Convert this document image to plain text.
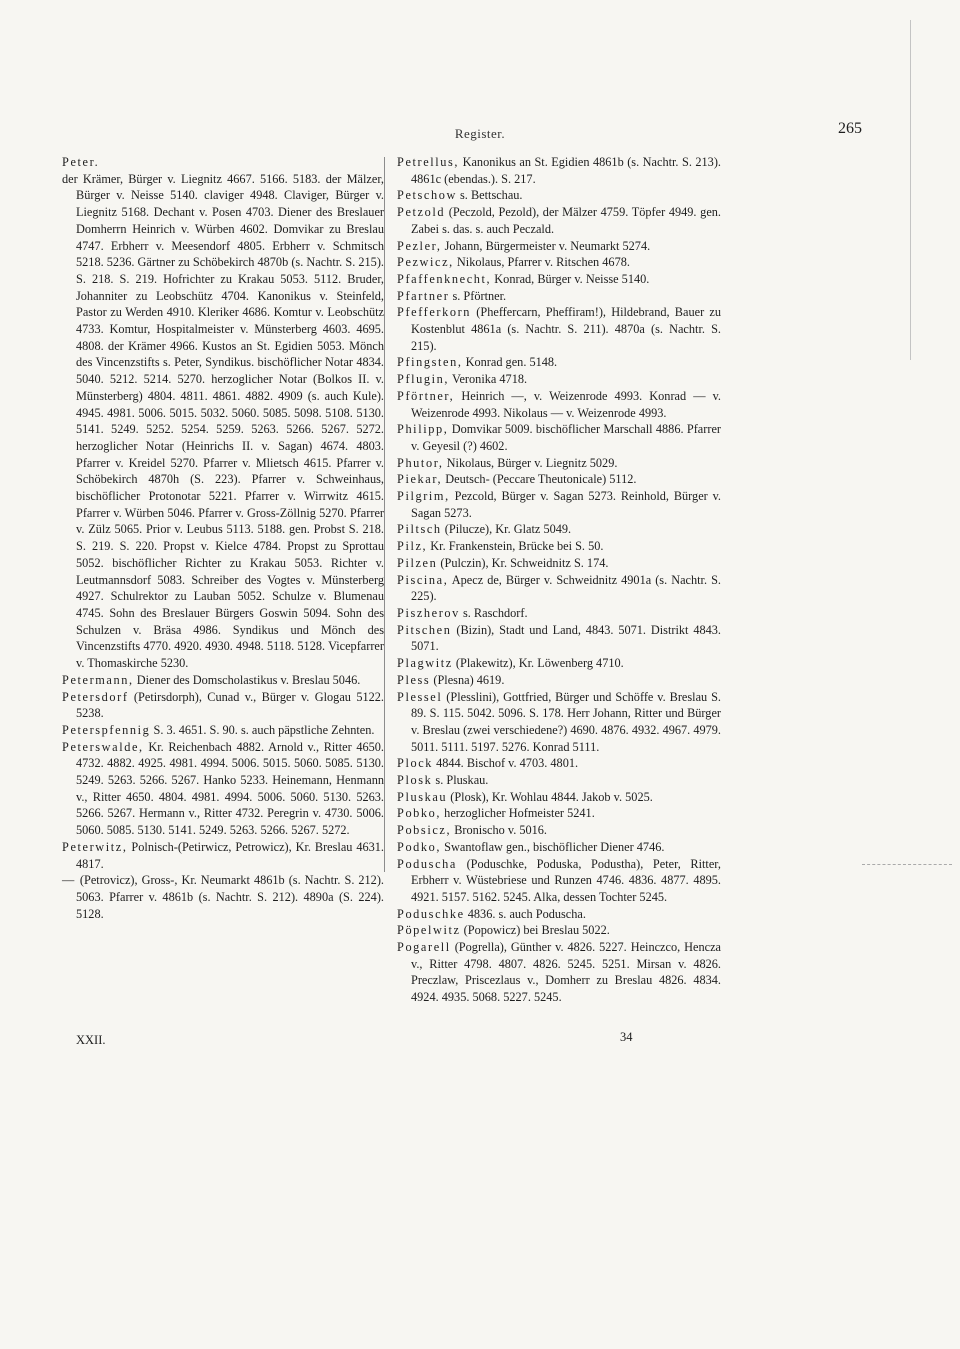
Register.	265

Peter.

der Krämer, Bürger v. Liegnitz 4667. 5166. 5183. der Mälzer, Bürger v. Neisse 5140. claviger 4948. Claviger, Bürger v. Liegnitz 5168. Dechant v. Posen 4703. Diener des Breslauer Domherrn Heinrich v. Würben 4602. Domvikar zu Breslau 4747. Erbherr v. Meesendorf 4805. Erbherr v. Schmitsch 5218. 5236. Gärtner zu Schöbekirch 4870b (s. Nachtr. S. 215). S. 218. S. 219. Hofrichter zu Krakau 5053. 5112. Bruder, Johanniter zu Leobschütz 4704. Kanonikus v. Steinfeld, Pastor zu Werden 4910. Kleriker 4686. Komtur v. Leobschütz 4733. Komtur, Hospitalmeister v. Münsterberg 4603. 4695. 4808. der Krämer 4966. Kustos an St. Egidien 5053. Mönch des Vincenzstifts s. Peter, Syndikus. bischöflicher Notar 4834. 5040. 5212. 5214. 5270. herzoglicher Notar (Bolkos II. v. Münsterberg) 4804. 4811. 4861. 4882. 4909 (s. auch Kule). 4945. 4981. 5006. 5015. 5032. 5060. 5085. 5098. 5108. 5130. 5141. 5249. 5252. 5254. 5259. 5263. 5266. 5267. 5272. herzoglicher Notar (Heinrichs II. v. Sagan) 4674. 4803. Pfarrer v. Kreidel 5270. Pfarrer v. Mlietsch 4615. Pfarrer v. Schöbekirch 4870h (S. 223). Pfarrer v. Schweinhaus, bischöflicher Protonotar 5221. Pfarrer v. Wirrwitz 4615. Pfarrer v. Würben 5046. Pfarrer v. Gross-Zöllnig 5270. Pfarrer v. Zülz 5065. Prior v. Leubus 5113. 5188. gen. Probst S. 218. S. 219. S. 220. Propst v. Kielce 4784. Propst zu Sprottau 5052. bischöflicher Richter zu Krakau 5053. Richter v. Leutmannsdorf 5083. Schreiber des Vogtes v. Münsterberg 4927. Schulrektor zu Lauban 5052. Schulze v. Blumenau 4745. Sohn des Breslauer Bürgers Goswin 5094. Sohn des Schulzen v. Bräsa 4986. Syndikus und Mönch des Vincenzstifts 4770. 4920. 4930. 4948. 5118. 5128. Vicepfarrer v. Thomaskirche 5230.

Petermann, Diener des Domscholastikus v. Breslau 5046.

Petersdorf (Petirsdorph), Cunad v., Bürger v. Glogau 5122. 5238.

Peterspfennig S. 3. 4651. S. 90. s. auch päpstliche Zehnten.

Peterswalde, Kr. Reichenbach 4882. Arnold v., Ritter 4650. 4732. 4882. 4925. 4981. 4994. 5006. 5015. 5060. 5085. 5130. 5249. 5263. 5266. 5267. Hanko 5233. Heinemann, Henmann v., Ritter 4650. 4804. 4981. 4994. 5006. 5060. 5130. 5263. 5266. 5267. Hermann v., Ritter 4732. Peregrin v. 4730. 5006. 5060. 5085. 5130. 5141. 5249. 5263. 5266. 5267. 5272.

Peterwitz, Polnisch-(Petirwicz, Petrowicz), Kr. Breslau 4631. 4817.

— (Petrovicz), Gross-, Kr. Neumarkt 4861b (s. Nachtr. S. 212). 5063. Pfarrer v. 4861b (s. Nachtr. S. 212). 4890a (S. 224). 5128.

Petrellus, Kanonikus an St. Egidien 4861b (s. Nachtr. S. 213). 4861c (ebendas.). S. 217.

Petschow s. Bettschau.

Petzold (Peczold, Pezold), der Mälzer 4759. Töpfer 4949. gen. Zabei s. das. s. auch Peczald.

Pezler, Johann, Bürgermeister v. Neumarkt 5274.

Pezwicz, Nikolaus, Pfarrer v. Ritschen 4678.

Pfaffenknecht, Konrad, Bürger v. Neisse 5140.

Pfartner s. Pförtner.

Pfefferkorn (Pheffercarn, Pheffiram!), Hildebrand, Bauer zu Kostenblut 4861a (s. Nachtr. S. 211). 4870a (s. Nachtr. S. 215).

Pfingsten, Konrad gen. 5148.

Pflugin, Veronika 4718.

Pförtner, Heinrich —, v. Weizenrode 4993. Konrad — v. Weizenrode 4993. Nikolaus — v. Weizenrode 4993.

Philipp, Domvikar 5009. bischöflicher Marschall 4886. Pfarrer v. Geyesil (?) 4602.

Phutor, Nikolaus, Bürger v. Liegnitz 5029.

Piekar, Deutsch- (Peccare Theutonicale) 5112.

Pilgrim, Pezcold, Bürger v. Sagan 5273. Reinhold, Bürger v. Sagan 5273.

Piltsch (Pilucze), Kr. Glatz 5049.

Pilz, Kr. Frankenstein, Brücke bei S. 50.

Pilzen (Pulczin), Kr. Schweidnitz S. 174.

Piscina, Apecz de, Bürger v. Schweidnitz 4901a (s. Nachtr. S. 225).

Piszherov s. Raschdorf.

Pitschen (Bizin), Stadt und Land, 4843. 5071. Distrikt 4843. 5071.

Plagwitz (Plakewitz), Kr. Löwenberg 4710.

Pless (Plesna) 4619.

Plessel (Plesslini), Gottfried, Bürger und Schöffe v. Breslau S. 89. S. 115. 5042. 5096. S. 178. Herr Johann, Ritter und Bürger v. Breslau (zwei verschiedene?) 4690. 4876. 4932. 4967. 4979. 5011. 5111. 5197. 5276. Konrad 5111.

Plock 4844. Bischof v. 4703. 4801.

Plosk s. Pluskau.

Pluskau (Plosk), Kr. Wohlau 4844. Jakob v. 5025.

Pobko, herzoglicher Hofmeister 5241.

Pobsicz, Bronischo v. 5016.

Podko, Swantoflaw gen., bischöflicher Diener 4746.

Poduscha (Poduschke, Poduska, Podustha), Peter, Ritter, Erbherr v. Wüstebriese und Runzen 4746. 4836. 4877. 4895. 4921. 5157. 5162. 5245. Alka, dessen Tochter 5245.

Poduschke 4836. s. auch Poduscha.

Pöpelwitz (Popowicz) bei Breslau 5022.

Pogarell (Pogrella), Günther v. 4826. 5227. Heinczco, Hencza v., Ritter 4798. 4807. 4826. 5245. 5251. Mirsan v. 4826. Preczlaw, Priscezlaus v., Domherr zu Breslau 4826. 4834. 4924. 4935. 5068. 5227. 5245.

XXII.	34
